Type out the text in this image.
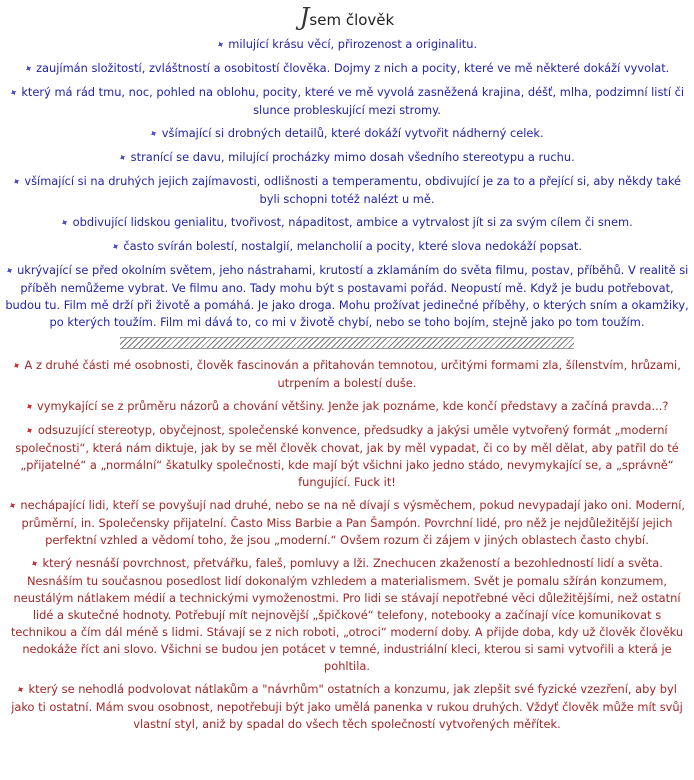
Jsem člověk

✦milující krásu věcí, přirozenost a originalitu.

✦zaujímán složitostí, zvláštností a osobitostí člověka. Dojmy z nich a pocity, které ve mě některé dokáží vyvolat.

✦který má rád tmu, noc, pohled na oblohu, pocity, které ve mě vyvolá zasněžená krajina, déšť, mlha, podzimní listí či slunce probleskující mezi stromy.

✦všímající si drobných detailů, které dokáží vytvořit nádherný celek.

✦stranící se davu, milující procházky mimo dosah všedního stereotypu a ruchu.

✦všímající si na druhých jejich zajímavosti, odlišnosti a temperamentu, obdivující je za to a přející si, aby někdy také byli schopni totéž nalézt u mě.

✦obdivující lidskou genialitu, tvořivost, nápaditost, ambice a vytrvalost jít si za svým cílem či snem.

✦často svírán bolestí, nostalgií, melancholií a pocity, které slova nedokáží popsat.

✦ukrývající se před okolním světem, jeho nástrahami, krutostí a zklamáním do světa filmu, postav, příběhů. V realitě si příběh nemůžeme vybrat. Ve filmu ano. Tady mohu být s postavami pořád. Neopustí mě. Když je budu potřebovat, budou tu. Film mě drží při životě a pomáhá. Je jako droga. Mohu prožívat jedinečné příběhy, o kterých sním a okamžiky, po kterých toužím. Film mi dává to, co mi v životě chybí, nebo se toho bojím, stejně jako po tom toužím.

✦A z druhé části mé osobnosti, člověk fascinován a přitahován temnotou, určitými formami zla, šílenstvím, hrůzami, utrpením a bolestí duše.

✦vymykající se z průměru názorů a chování většiny. Jenže jak poznáme, kde končí představy a začíná pravda...?

✦odsuzující stereotyp, obyčejnost, společenské konvence, předsudky a jakýsi uměle vytvořený formát „moderní společnosti“, která nám diktuje, jak by se měl člověk chovat, jak by měl vypadat, či co by měl dělat, aby patřil do té „přijatelné“ a „normální“ škatulky společnosti, kde mají být všichni jako jedno stádo, nevymykající se, a „správně“ fungující. Fuck it!

✦nechápající lidi, kteří se povyšují nad druhé, nebo se na ně dívají s výsměchem, pokud nevypadají jako oni. Moderní, průměrní, in. Společensky přijatelní. Často Miss Barbie a Pan Šampón. Povrchní lidé, pro něž je nejdůležitější jejich perfektní vzhled a vědomí toho, že jsou „moderní.“ Ovšem rozum či zájem v jiných oblastech často chybí.

✦který nesnáší povrchnost, přetvářku, faleš, pomluvy a lži. Znechucen zkažeností a bezohledností lidí a světa. Nesnáším tu současnou posedlost lidí dokonalým vzhledem a materialismem. Svět je pomalu sžírán konzumem, neustálým nátlakem médií a technickými vymoženostmi. Pro lidi se stávají nepotřebné věci důležitějšími, než ostatní lidé a skutečné hodnoty. Potřebují mít nejnovější „špičkové“ telefony, notebooky a začínají více komunikovat s technikou a čím dál méně s lidmi. Stávají se z nich roboti, „otroci“ moderní doby. A přijde doba, kdy už člověk člověku nedokáže říct ani slovo. Všichni se budou jen potácet v temné, industriální kleci, kterou si sami vytvořili a která je pohltila.

✦který se nehodlá podvolovat nátlakům a "návrhům" ostatních a konzumu, jak zlepšit své fyzické vzezření, aby byl jako ti ostatní. Mám svou osobnost, nepotřebuji být jako umělá panenka v rukou druhých. Vždyť člověk může mít svůj vlastní styl, aniž by spadal do všech těch společností vytvořených měřítek.
